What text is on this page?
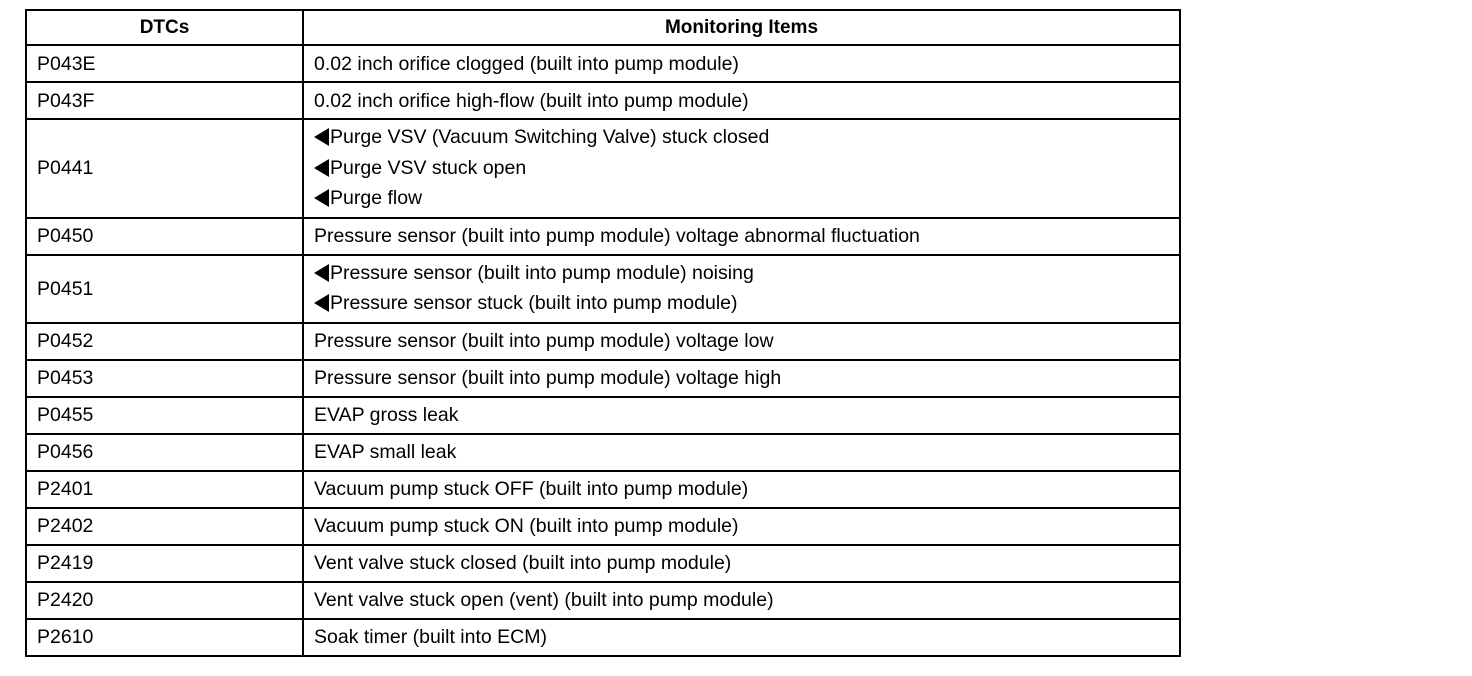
DTCs	Monitoring Items
P043E	0.02 inch orifice clogged (built into pump module)
P043F	0.02 inch orifice high-flow (built into pump module)
P0441	Purge VSV (Vacuum Switching Valve) stuck closed
Purge VSV stuck open
Purge flow

P0450	Pressure sensor (built into pump module) voltage abnormal fluctuation
P0451	Pressure sensor (built into pump module) noising
Pressure sensor stuck (built into pump module)

P0452	Pressure sensor (built into pump module) voltage low
P0453	Pressure sensor (built into pump module) voltage high
P0455	EVAP gross leak
P0456	EVAP small leak
P2401	Vacuum pump stuck OFF (built into pump module)
P2402	Vacuum pump stuck ON (built into pump module)
P2419	Vent valve stuck closed (built into pump module)
P2420	Vent valve stuck open (vent) (built into pump module)
P2610	Soak timer (built into ECM)
